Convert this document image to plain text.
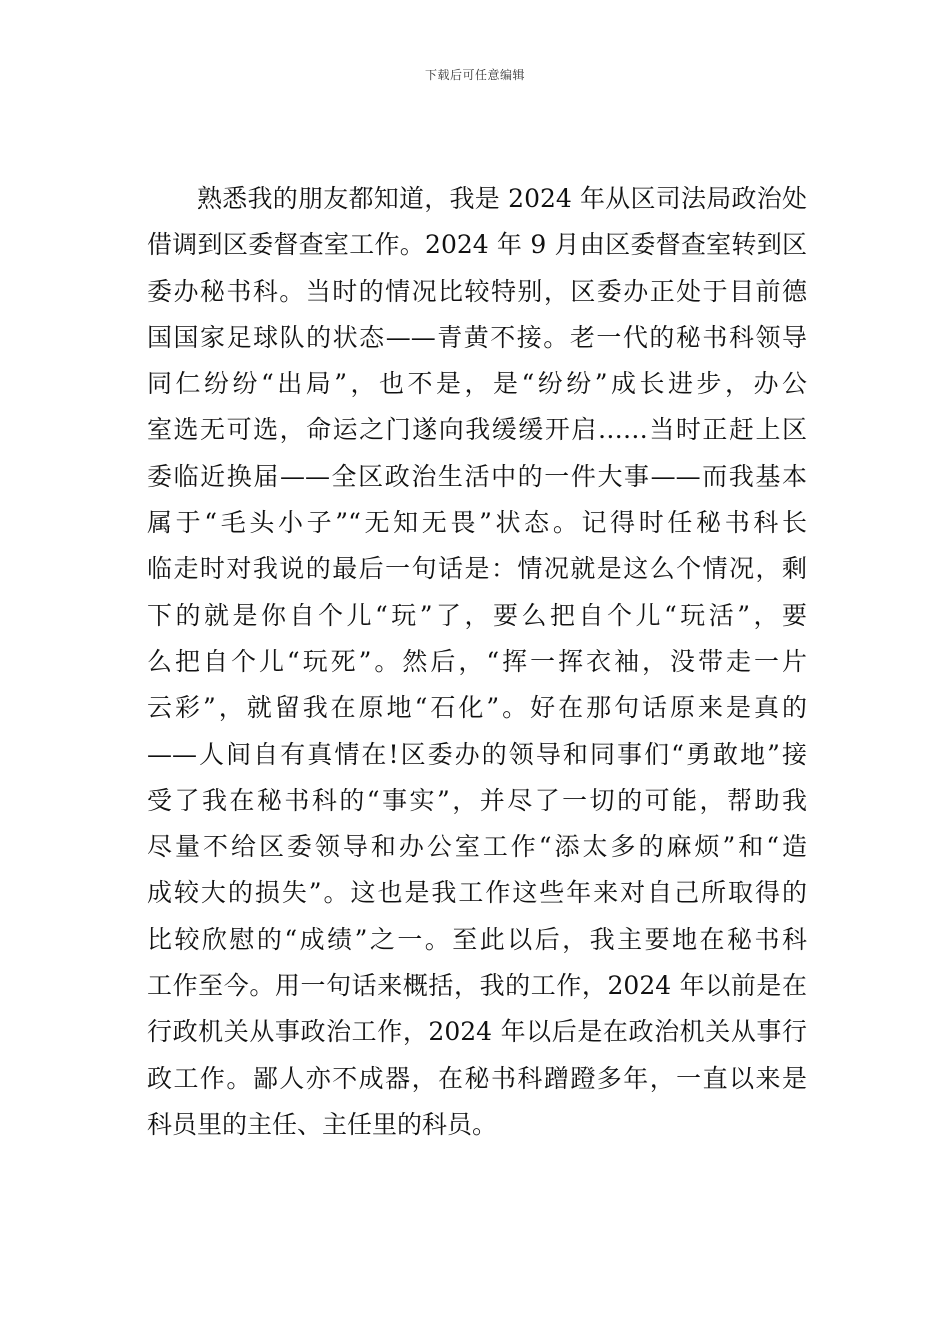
下载后可任意编辑
熟悉我的朋友都知道，我是 2024 年从区司法局政治处
借调到区委督查室工作。2024 年 9 月由区委督查室转到区
委办秘书科。当时的情况比较特别，区委办正处于目前德
国国家足球队的状态——青黄不接。老一代的秘书科领导
同仁纷纷“出局”，也不是，是“纷纷”成长进步，办公
室选无可选，命运之门遂向我缓缓开启……当时正赶上区
委临近换届——全区政治生活中的一件大事——而我基本
属于“毛头小子”“无知无畏”状态。记得时任秘书科长
临走时对我说的最后一句话是：情况就是这么个情况，剩
下的就是你自个儿“玩”了，要么把自个儿“玩活”，要
么把自个儿“玩死”。然后，“挥一挥衣袖，没带走一片
云彩”，就留我在原地“石化”。好在那句话原来是真的
——人间自有真情在!区委办的领导和同事们“勇敢地”接
受了我在秘书科的“事实”，并尽了一切的可能，帮助我
尽量不给区委领导和办公室工作“添太多的麻烦”和“造
成较大的损失”。这也是我工作这些年来对自己所取得的
比较欣慰的“成绩”之一。至此以后，我主要地在秘书科
工作至今。用一句话来概括，我的工作，2024 年以前是在
行政机关从事政治工作，2024 年以后是在政治机关从事行
政工作。鄙人亦不成器，在秘书科蹭蹬多年，一直以来是
科员里的主任、主任里的科员。
